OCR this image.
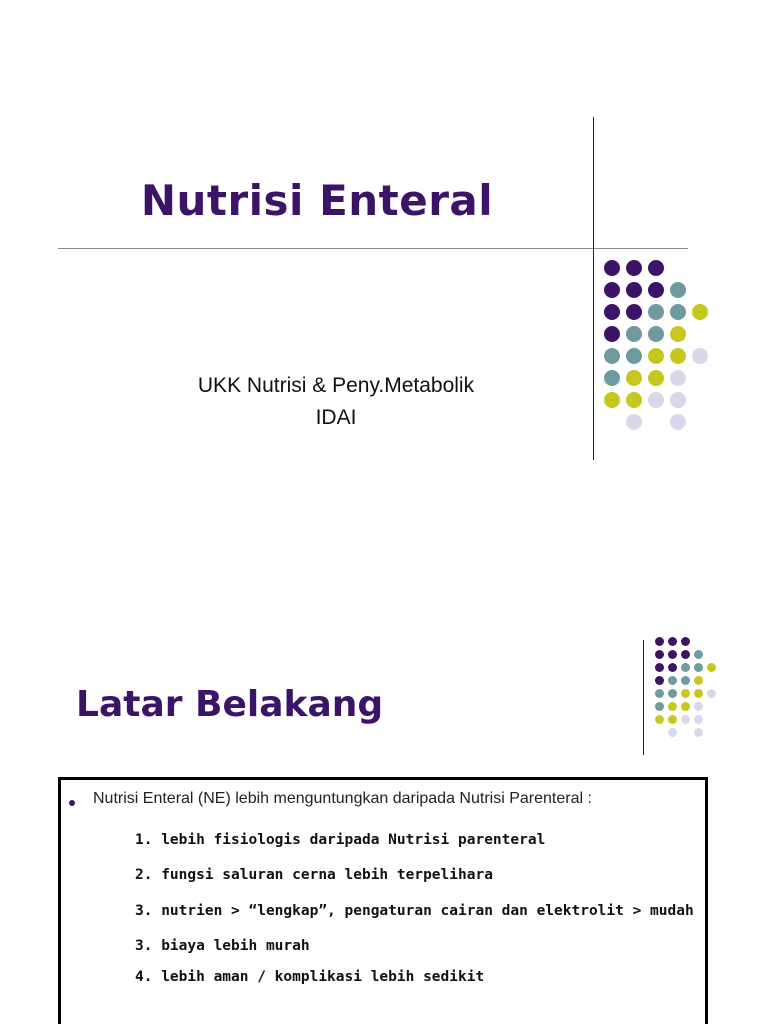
Nutrisi Enteral
UKK Nutrisi & Peny.Metabolik
IDAI
Latar Belakang
Nutrisi Enteral (NE) lebih menguntungkan daripada Nutrisi Parenteral :
1. lebih fisiologis daripada Nutrisi parenteral
2. fungsi saluran cerna lebih terpelihara
3. nutrien > “lengkap”, pengaturan cairan dan elektrolit > mudah
3. biaya lebih murah
4. lebih aman / komplikasi lebih sedikit
